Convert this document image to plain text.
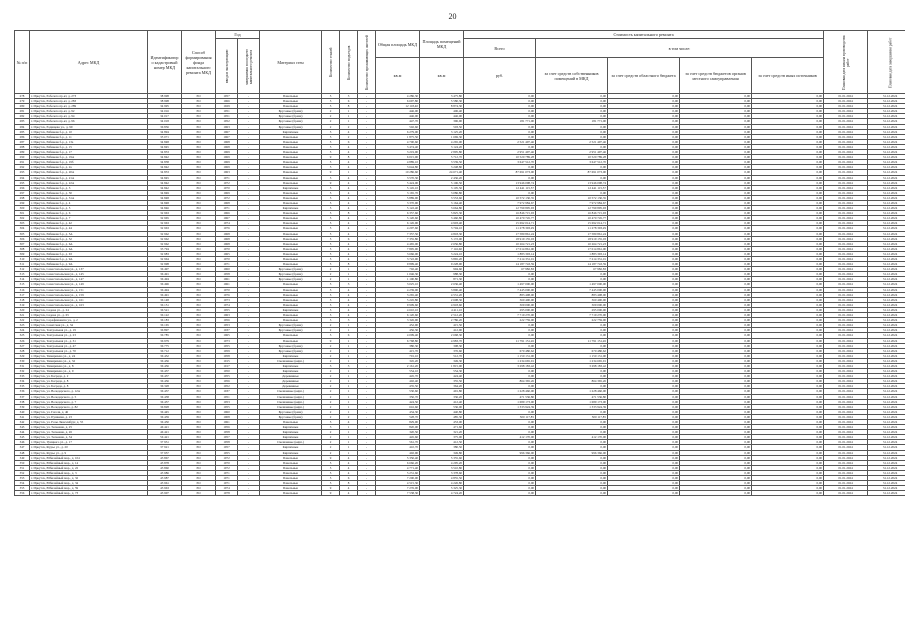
20
№ п/п	Адрес МКД	Идентификатор о кадастровый номер МКД	Способ формирования фонда капитального ремонта МКД	Год		Материал стен	Количество этажей	Количество подъездов	Количество проживающих жителей	Общая площадь МКД	Площадь помещений МКД	Стоимость капитального ремонта					Плановая дата начала производства работ	Плановая дата завершения работ
				ввода в эксплуатацию	завершения последнего капитального ремонта							Всего	в том числе:					
										кв.м	кв.м	руб.	за счет средств собственников помещений в МКД	за счет средств областного бюджета	за счет средств бюджетов органов местного самоуправления	за счет средств иных источников		
278	г. Иркутск, Рабочего пр-кт, д. 273	38 998	РО	1957	-	Панельные	5	3	-	4 286,30	3 475,80	0,00	0,00	0,00	0,00	0,00	01.01.2024	31.12.2024
279	г. Иркутск, Рабочего пр-кт, д. 283	38 998	РО	1966	-	Панельные	5	6	-	6 697,80	5 580,30	0,00	0,00	0,00	0,00	0,00	01.01.2024	31.12.2024
280	г. Иркутск, Рабочего пр-кт, д. 289	34 995	РО	1929	-	Панельные	5	8	-	12 118,40	8 874,30	0,00	0,00	0,00	0,00	0,00	01.01.2024	31.12.2024
281	г. Иркутск, Рабочего пр-кт, д. 92	34 016	РО	1951	-	Брусовые (бревн)	2	1	-	446,00	406,40	0,00	0,00	0,00	0,00	0,00	01.01.2024	31.12.2024
282	г. Иркутск, Рабочего пр-кт, д. 94	34 017	РО	1951	-	Брусовые (бревн)	2	1	-	446,00	446,00	0,00	0,00	0,00	0,00	0,00	01.01.2024	31.12.2024
283	г. Иркутск, Рабочего пр-кт, д. 96	34 018	РО	1952	-	Брусовые (бревн)	2	1	-	447,70	396,90	181 771,00	181 771,00	0,00	0,00	0,00	01.01.2024	31.12.2024
284	г. Иркутск, Радищева ул., д. 99	36 836	РО	1963	-	Брусовые (бревн)	2	2	-	502,60	503,50	0,00	0,00	0,00	0,00	0,00	01.01.2024	31.12.2024
285	г. Иркутск, Рябикова б-р, д. 10	34 894	РО	1967	-	Кирпичные	5	4	-	6 279,00	3 125,20	0,00	0,00	0,00	0,00	0,00	01.01.2024	31.12.2024
286	г. Иркутск, Рябикова б-р, д. 11	35 071	РО	1967	-	Панельные	5	2	-	1 875,50	1 669,30	0,00	0,00	0,00	0,00	0,00	01.01.2024	31.12.2024
287	г. Иркутск, Рябикова б-р, д. 13а	34 848	РО	1968	-	Панельные	5	6	-	4 700,60	4 265,00	2 521 497,46	2 521 497,46	0,00	0,00	0,00	01.01.2024	31.12.2024
288	г. Иркутск, Рябикова б-р, д. 15	34 845	РО	1968	-	Панельные	5	4	-	3 474,40	3 124,20	0,00	0,00	0,00	0,00	0,00	01.01.2024	31.12.2024
289	г. Иркутск, Рябикова б-р, д. 17	34 833	РО	1969	-	Панельные	5	4	-	3 219,90	2 895,80	2 951 497,46	2 951 497,46	0,00	0,00	0,00	01.01.2024	31.12.2024
290	г. Иркутск, Рябикова б-р, д. 19А	34 842	РО	1969	-	Панельные	9	8	-	6 015,90	5 712,70	10 520 789,28	10 520 789,28	0,00	0,00	0,00	01.01.2024	31.12.2024
291	г. Иркутск, Рябикова б-р, д. 19б	34 838	РО	1969	-	Панельные	5	4	-	4 889,10	3 539,50	3 647 512,70	3 647 512,70	0,00	0,00	0,00	01.01.2024	31.12.2024
292	г. Иркутск, Рябикова б-р, д. 2а	34 842	РО	1969	-	Панельные	5	4	-	3 644,80	3 248,80	0,00	0,00	0,00	0,00	0,00	01.01.2024	31.12.2024
293	г. Иркутск, Рябикова б-р, д. 20А	34 833	РО	1963	-	Панельные	9	1	-	10 286,60	24 671,40	87 691 073,00	87 691 073,00	0,00	0,00	0,00	01.01.2024	31.12.2024
294	г. Иркутск, Рябикова б-р, д. 21А	34 845	РО	1971	-	Панельные	5	4	-	3 570,30	2 436,20	0,00	0,00	0,00	0,00	0,00	01.01.2024	31.12.2024
295	г. Иркутск, Рябикова б-р, д. 22А	34 842	РО	1972	-	Панельные	9	4	-	5 424,00	5 106,50	13 946 098,74	13 946 098,74	0,00	0,00	0,00	01.01.2024	31.12.2024
296	г. Иркутск, Рябикова б-р, д. 3	34 842	РО	1970	-	Кирпичные	5	4	-	5 145,10	3 105,50	12 441 115,57	12 441 115,57	0,00	0,00	0,00	01.01.2024	31.12.2024
297	г. Иркутск, Рябикова б-р, д. 30	34 849	РО	1969	-	Панельные	5	4	-	3 165,70	3 086,80	0,00	0,00	0,00	0,00	0,00	01.01.2024	31.12.2024
298	г. Иркутск, Рябикова б-р, д. 31А	34 848	РО	1972	-	Панельные	5	4	-	5 889,90	3 553,60	10 572 130,35	10 572 130,35	0,00	0,00	0,00	01.01.2024	31.12.2024
299	г. Иркутск, Рябикова б-р, д. 4	34 848	РО	1968	-	Панельные	5	4	-	3 370,90	3 164,40	7 972 984,67	7 972 984,67	0,00	0,00	0,00	01.01.2024	31.12.2024
300	г. Иркутск, Рябикова б-р, д. 5	34 846	РО	1971	-	Кирпичные	5	4	-	5 122,40	3 664,80	12 799 895,93	12 799 895,93	0,00	0,00	0,00	01.01.2024	31.12.2024
301	г. Иркутск, Рябикова б-р, д. 6	32 963	РО	1966	-	Панельные	5	8	-	6 357,60	5 825,30	16 846 715,93	16 846 715,93	0,00	0,00	0,00	01.01.2024	31.12.2024
302	г. Иркутск, Рябикова б-р, д. 7	32 965	РО	1967	-	Панельные	5	4	-	5 120,60	3 460,80	10 470 745,77	10 470 745,77	0,00	0,00	0,00	01.01.2024	31.12.2024
303	г. Иркутск, Рябикова б-р, д. 42	32 963	РО	1974	-	Панельные	5	4	-	6 126,90	4 903,40	15 692 014,71	15 692 014,71	0,00	0,00	0,00	01.01.2024	31.12.2024
304	г. Иркутск, Рябикова б-р, д. 44	32 963	РО	1976	-	Панельные	5	4	-	4 207,60	3 704,10	11 278 393,29	11 278 393,29	0,00	0,00	0,00	01.01.2024	31.12.2024
305	г. Иркутск, Рябикова б-р, д. 5А	32 962	РО	1968	-	Панельные	5	4	-	7 357,50	4 818,30	17 580 861,24	17 580 861,24	0,00	0,00	0,00	01.01.2024	31.12.2024
306	г. Иркутск, Рябикова б-р, д. 52	32 962	РО	1968	-	Панельные	5	6	-	7 355,80	5 172,00	18 919 155,03	18 919 155,03	0,00	0,00	0,00	01.01.2024	31.12.2024
307	г. Иркутск, Рябикова б-р, д. 6А	32 962	РО	1968	-	Панельные	5	4	-	4 465,00	2 656,80	10 264 721,23	10 264 721,23	0,00	0,00	0,00	01.01.2024	31.12.2024
308	г. Иркутск, Рябикова б-р, д. 6А	33 794	РО	1970	-	Панельные	5	4	-	7 895,90	7 116,60	17 014 861,00	17 014 861,00	0,00	0,00	0,00	01.01.2024	31.12.2024
309	г. Иркутск, Рябикова б-р, д. 63	32 983	РО	1965	-	Панельные	5	4	-	3 666,00	3 224,10	1 883 393,14	1 883 393,14	0,00	0,00	0,00	01.01.2024	31.12.2024
310	г. Иркутск, Рябикова б-р, д. 9А	32 964	РО	1970	-	Панельные	5	4	-	3 722,90	3 865,20	7 214 331,01	7 214 331,01	0,00	0,00	0,00	01.01.2024	31.12.2024
311	г. Иркутск, Рябикова б-р, д. 9А	32 998	РО	1971	-	Панельные	5	8	-	9 899,40	9 228,90	14 187 743,59	14 187 743,59	0,00	0,00	0,00	01.01.2024	31.12.2024
312	г. Иркутск, Севастопольская ул., д. 137	36 497	РО	1960	-	Брусовые (бревн)	2	1	-	702,40	994,60	67 982,83	67 982,83	0,00	0,00	0,00	01.01.2024	31.12.2024
313	г. Иркутск, Севастопольская ул., д. 145	36 491	РО	1958	-	Брусовые (бревн)	2	1	-	1 046,30	988,30	0,00	0,00	0,00	0,00	0,00	01.01.2024	31.12.2024
314	г. Иркутск, Севастопольская ул., д. 147	36 494	РО	1961	-	Брусовые (бревн)	2	1	-	1 100,80	871,30	0,00	0,00	0,00	0,00	0,00	01.01.2024	31.12.2024
315	г. Иркутск, Севастопольская ул., д. 149	36 496	РО	1961	-	Панельные	5	3	-	3 025,10	2 636,40	1 497 000,00	1 497 000,00	0,00	0,00	0,00	01.01.2024	31.12.2024
316	г. Иркутск, Севастопольская ул., д. 151	36 494	РО	1970	-	Панельные	5	4	-	4 239,00	3 890,40	7 445 000,00	7 445 000,00	0,00	0,00	0,00	01.01.2024	31.12.2024
317	г. Иркутск, Севастопольская ул., д. 159	36 491	РО	1976	-	Панельные	5	4	-	3 265,40	4 531,20	883 498,00	883 498,00	0,00	0,00	0,00	01.01.2024	31.12.2024
318	г. Иркутск, Севастопольская ул., д. 161	36 148	РО	1973	-	Панельные	5	4	-	5 245,80	2 608,30	360 490,00	360 490,00	0,00	0,00	0,00	01.01.2024	31.12.2024
319	г. Иркутск, Севастопольская ул., д. 163	36 151	РО	1974	-	Панельные	5	4	-	9 909,60	4 918,60	309 000,00	309 000,00	0,00	0,00	0,00	01.01.2024	31.12.2024
320	г. Иркутск, Седова ул., д. 24	36 521	РО	1955	-	Кирпичные	5	4	-	4 610,10	4 411,10	295 000,00	295 000,00	0,00	0,00	0,00	01.01.2024	31.12.2024
321	г. Иркутск, Седова ул., д. 65	36 122	РО	1963	-	Панельные	5	4	-	6 120,60	2 512,20	7 719 270,00	7 719 270,00	0,00	0,00	0,00	01.01.2024	31.12.2024
322	г. Иркутск, Серафимовича ул., д. 2	36 183	РО	1956	-	Панельные	5	3	-	3 326,90	2 786,20	222 759,00	222 759,00	0,00	0,00	0,00	01.01.2024	31.12.2024
323	г. Иркутск, Советская ул., д. 34	36 165	РО	1953	-	Брусовые (бревн)	2	1	-	452,90	415,50	0,00	0,00	0,00	0,00	0,00	01.01.2024	31.12.2024
324	г. Иркутск, Театральная ул., д. 19	36 897	РО	1937	-	Брусовые (бревн)	2	1	-	456,30	412,90	0,00	0,00	0,00	0,00	0,00	01.01.2024	31.12.2024
325	г. Иркутск, Театральная ул., д. 23	36 785	РО	1965	-	Панельные	5	6	-	4 009,40	2 668,30	0,00	0,00	0,00	0,00	0,00	01.01.2024	31.12.2024
326	г. Иркутск, Театральная ул., д. 31	36 979	РО	1973	-	Панельные	9	1	-	6 768,80	4 983,70	11 791 151,26	11 791 151,26	0,00	0,00	0,00	01.01.2024	31.12.2024
327	г. Иркутск, Театральная ул., д. 47	36 775	РО	1955	-	Брусовые (бревн)	2	1	-	380,30	308,30	0,00	0,00	0,00	0,00	0,00	01.01.2024	31.12.2024
328	г. Иркутск, Театральная ул., д. 70	36 712	РО	1959	-	Брусовые (бревн)	2	1	-	415,70	376,60	670 480,62	670 480,62	0,00	0,00	0,00	01.01.2024	31.12.2024
329	г. Иркутск, Тимирязева ул., д. 24	36 432	РО	1958	-	Кирпичные	2	1	-	701,10	512,70	1 150 131,00	1 150 131,00	0,00	0,00	0,00	01.01.2024	31.12.2024
330	г. Иркутск, Тимирязева ул., д. 32	36 436	РО	1915	-	Смешанные (кирп.)	2	1	-	345,20	349,30	1 234 665,91	1 234 665,91	0,00	0,00	0,00	01.01.2024	31.12.2024
331	г. Иркутск, Тимирязева ул., д. 8	36 436	РО	1917	-	Кирпичные	3	3	-	2 161,20	1 815,00	3 298 183,42	3 298 183,42	0,00	0,00	0,00	01.01.2024	31.12.2024
332	г. Иркутск, Тимирязева ул., д. 9	36 437	РО	1950	-	Кирпичные	2	1	-	554,10	554,30	0,00	0,00	0,00	0,00	0,00	01.01.2024	31.12.2024
333	г. Иркутск, ул. Бограда, д. 2	36 437	РО	1955	-	Деревянные	2	1	-	445,70	424,40	0,00	0,00	0,00	0,00	0,00	01.01.2024	31.12.2024
334	г. Иркутск, ул. Бограда, д. 8	36 436	РО	1956	-	Деревянные	2	1	-	402,40	355,50	864 365,26	864 365,26	0,00	0,00	0,00	01.01.2024	31.12.2024
335	г. Иркутск, ул. Бограда, д. 8	36 328	РО	1952	-	Деревянные	2	1	-	435,50	364,20	0,00	0,00	0,00	0,00	0,00	01.01.2024	31.12.2024
336	г. Иркутск, ул. Володарского, д. 12А	36 437	РО	1937	-	Смешанные (кирп.)	2	1	-	530,60	491,80	1 228 460,00	1 228 460,00	0,00	0,00	0,00	01.01.2024	31.12.2024
337	г. Иркутск, ул. Володарского, д. 5	36 438	РО	1951	-	Смешанные (кирп.)	2	1	-	350,70	336,20	471 536,80	471 536,80	0,00	0,00	0,00	01.01.2024	31.12.2024
338	г. Иркутск, ул. Володарского, д. 7	36 457	РО	1953	-	Смешанные (кирп.)	2	1	-	424,50	412,40	1 689 173,00	1 689 173,00	0,00	0,00	0,00	01.01.2024	31.12.2024
339	г. Иркутск, ул. Володарского, д. 82	36 828	РО	1955	-	Смешанные (кирп.)	2	1	-	616,60	536,00	1 333 924,39	1 333 924,39	0,00	0,00	0,00	01.01.2024	31.12.2024
340	г. Иркутск, ул. Гоголя, д. 46	36 445	РО	1960	-	Брусовые (бревн)	2	1	-	434,30	440,80	0,00	0,00	0,00	0,00	0,00	01.01.2024	31.12.2024
341	г. Иркутск, ул. Пушкина, д. 23	36 439	РО	1908	-	Брусовые (бревн)	2	2	-	528,70	485,30	500 117,85	500 117,85	0,00	0,00	0,00	01.01.2024	31.12.2024
342	г. Иркутск, ул. Розы Люксембург, д. 55	36 450	РО	1961	-	Панельные	5	4	-	829,90	453,00	0,00	0,00	0,00	0,00	0,00	01.01.2024	31.12.2024
343	г. Иркутск, ул. Тельмана, д. 25	46 421	РО	1956	-	Кирпичные	3	1	-	820,00	471,60	0,00	0,00	0,00	0,00	0,00	01.01.2024	31.12.2024
344	г. Иркутск, ул. Тельмана, д. 26	46 421	РО	1958	-	Кирпичные	2	1	-	320,50	321,20	0,00	0,00	0,00	0,00	0,00	01.01.2024	31.12.2024
345	г. Иркутск, ул. Тельмана, д. 34	56 421	РО	1957	-	Кирпичные	2	1	-	445,60	375,00	412 170,00	412 170,00	0,00	0,00	0,00	01.01.2024	31.12.2024
346	г. Иркутск, Урицкого ул., д. 17	37 931	РО	1958	-	Смешанные (кирп.)	2	1	-	561,70	412,50	0,00	0,00	0,00	0,00	0,00	01.01.2024	31.12.2024
347	г. Иркутск, Фурье ул., д. 20	37 921	РО	1957	-	Кирпичные	2	1	-	410,70	380,50	0,00	0,00	0,00	0,00	0,00	01.01.2024	31.12.2024
348	г. Иркутск, Фурье ул., д. 9	37 957	РО	1955	-	Кирпичные	2	1	-	402,90	349,80	996 366,00	996 366,00	0,00	0,00	0,00	01.01.2024	31.12.2024
349	г. Иркутск, Юбилейный мкр., д. 104	43 867	РО	1972	-	Панельные	9	4	-	5 350,40	5 355,60	0,00	0,00	0,00	0,00	0,00	01.01.2024	31.12.2024
350	г. Иркутск, Юбилейный мкр., д. 14	43 878	РО	1970	-	Панельные	5	4	-	6 666,20	4 295,20	0,00	0,00	0,00	0,00	0,00	01.01.2024	31.12.2024
351	г. Иркутск, Юбилейный мкр., д. 22	43 860	РО	1972	-	Панельные	5	4	-	4 771,40	3 510,80	0,00	0,00	0,00	0,00	0,00	01.01.2024	31.12.2024
352	г. Иркутск, Юбилейный мкр., д. 3	43 986	РО	1971	-	Панельные	5	4	-	5 231,60	3 378,60	0,00	0,00	0,00	0,00	0,00	01.01.2024	31.12.2024
353	г. Иркутск, Юбилейный мкр., д. 32	43 987	РО	1971	-	Панельные	5	6	-	7 200,00	4 855,50	0,00	0,00	0,00	0,00	0,00	01.01.2024	31.12.2024
354	г. Иркутск, Юбилейный мкр., д. 34	43 961	РО	1971	-	Панельные	5	8	-	4 515,30	4 226,80	0,00	0,00	0,00	0,00	0,00	01.01.2024	31.12.2024
355	г. Иркутск, Юбилейный мкр., д. 59	43 963	РО	1974	-	Панельные	9	4	-	7 276,00	5 325,30	0,00	0,00	0,00	0,00	0,00	01.01.2024	31.12.2024
356	г. Иркутск, Юбилейный мкр., д. 73	43 907	РО	1978	-	Панельные	9	4	-	7 538,30	4 724,20	0,00	0,00	0,00	0,00	0,00	01.01.2024	31.12.2024
